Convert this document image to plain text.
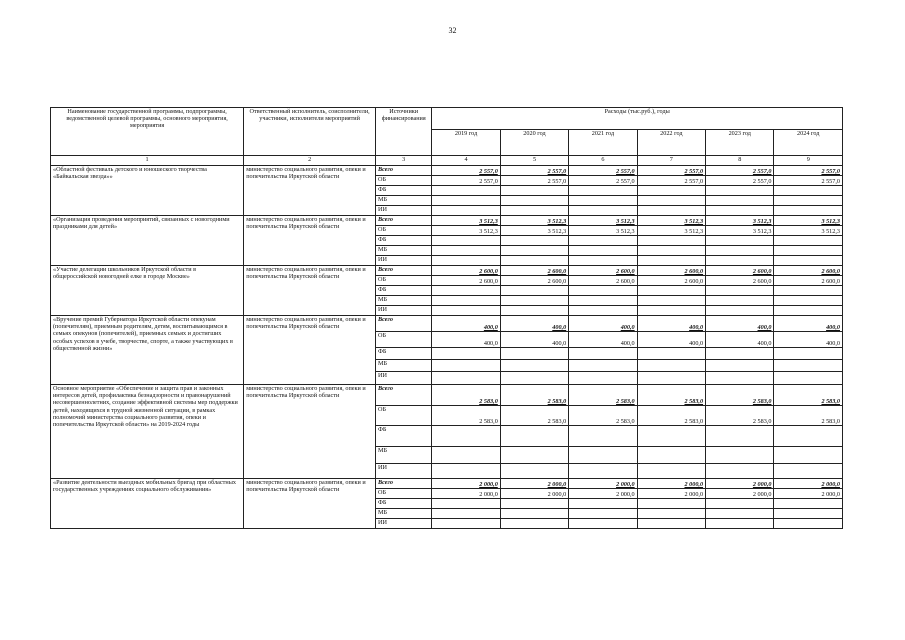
32
Наименование государственной программы, подпрограммы, ведомственной целевой программы, основного мероприятия, мероприятия	Ответственный исполнитель, соисполнители, участники, исполнители мероприятий	Источники финансирования	Расходы (тыс.руб.), годы					
			2019 год	2020 год	2021 год	2022 год	2023 год	2024 год
1	2	3	4	5	6	7	8	9
«Областной фестиваль детского и юношеского творчества «Байкальская звезда»»	министерство социального развития, опеки и попечительства Иркутской области	Всего	2 557,0	2 557,0	2 557,0	2 557,0	2 557,0	2 557,0
		ОБ	2 557,0	2 557,0	2 557,0	2 557,0	2 557,0	2 557,0
		ФБ						
		МБ						
		ИИ						
«Организация проведения мероприятий, связанных с новогодними праздниками для детей»	министерство социального развития, опеки и попечительства Иркутской области	Всего	3 512,3	3 512,3	3 512,3	3 512,3	3 512,3	3 512,3
		ОБ	3 512,3	3 512,3	3 512,3	3 512,3	3 512,3	3 512,3
		ФБ						
		МБ						
		ИИ						
«Участие делегации школьников Иркутской области в общероссийской новогодней елке в городе Москве»	министерство социального развития, опеки и попечительства Иркутской области	Всего	2 600,0	2 600,0	2 600,0	2 600,0	2 600,0	2 600,0
		ОБ	2 600,0	2 600,0	2 600,0	2 600,0	2 600,0	2 600,0
		ФБ						
		МБ						
		ИИ						
«Вручение премий Губернатора Иркутской области опекунам (попечителям), приемным родителям, детям, воспитывающимся в семьях опекунов (попечителей), приемных семьях и достигших особых успехов в учебе, творчестве, спорте, а также участвующих в общественной жизни»	министерство социального развития, опеки и попечительства Иркутской области	Всего	400,0	400,0	400,0	400,0	400,0	400,0
		ОБ	400,0	400,0	400,0	400,0	400,0	400,0
		ФБ						
		МБ						
		ИИ						
Основное мероприятие «Обеспечение и защита прав и законных интересов детей, профилактика безнадзорности и правонарушений несовершеннолетних, создание эффективной системы мер поддержки детей, находящихся в трудной жизненной ситуации, в рамках полномочий министерства социального развития, опеки и попечительства Иркутской области» на 2019-2024 годы	министерство социального развития, опеки и попечительства Иркутской области	Всего	2 583,0	2 583,0	2 583,0	2 583,0	2 583,0	2 583,0
		ОБ	2 583,0	2 583,0	2 583,0	2 583,0	2 583,0	2 583,0
		ФБ						
		МБ						
		ИИ						
«Развитие деятельности выездных мобильных бригад при областных государственных учреждениях социального обслуживания»	министерство социального развития, опеки и попечительства Иркутской области	Всего	2 000,0	2 000,0	2 000,0	2 000,0	2 000,0	2 000,0
		ОБ	2 000,0	2 000,0	2 000,0	2 000,0	2 000,0	2 000,0
		ФБ						
		МБ						
		ИИ						
